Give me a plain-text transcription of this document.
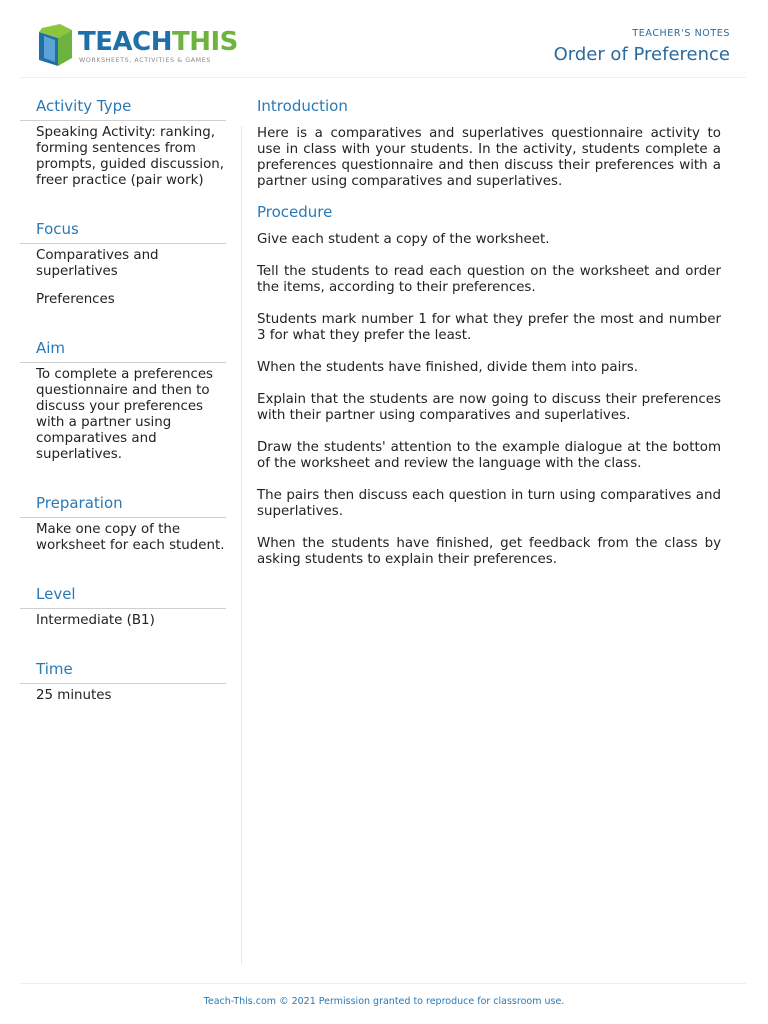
TEACHTHIS
WORKSHEETS, ACTIVITIES & GAMES
TEACHER'S NOTES
Order of Preference
Activity Type

Speaking Activity: ranking, forming sentences from prompts, guided discussion, freer practice (pair work)

Focus

Comparatives and superlatives

Preferences

Aim

To complete a preferences questionnaire and then to discuss your preferences with a partner using comparatives and superlatives.

Preparation

Make one copy of the worksheet for each student.

Level

Intermediate (B1)

Time

25 minutes

Introduction

Here is a comparatives and superlatives questionnaire activity to use in class with your students. In the activity, students complete a preferences questionnaire and then discuss their preferences with a partner using comparatives and superlatives.

Procedure

Give each student a copy of the worksheet.

Tell the students to read each question on the worksheet and order the items, according to their preferences.

Students mark number 1 for what they prefer the most and number 3 for what they prefer the least.

When the students have finished, divide them into pairs.

Explain that the students are now going to discuss their preferences with their partner using comparatives and superlatives.

Draw the students' attention to the example dialogue at the bottom of the worksheet and review the language with the class.

The pairs then discuss each question in turn using comparatives and superlatives.

When the students have finished, get feedback from the class by asking students to explain their preferences.

Teach-This.com © 2021 Permission granted to reproduce for classroom use.
